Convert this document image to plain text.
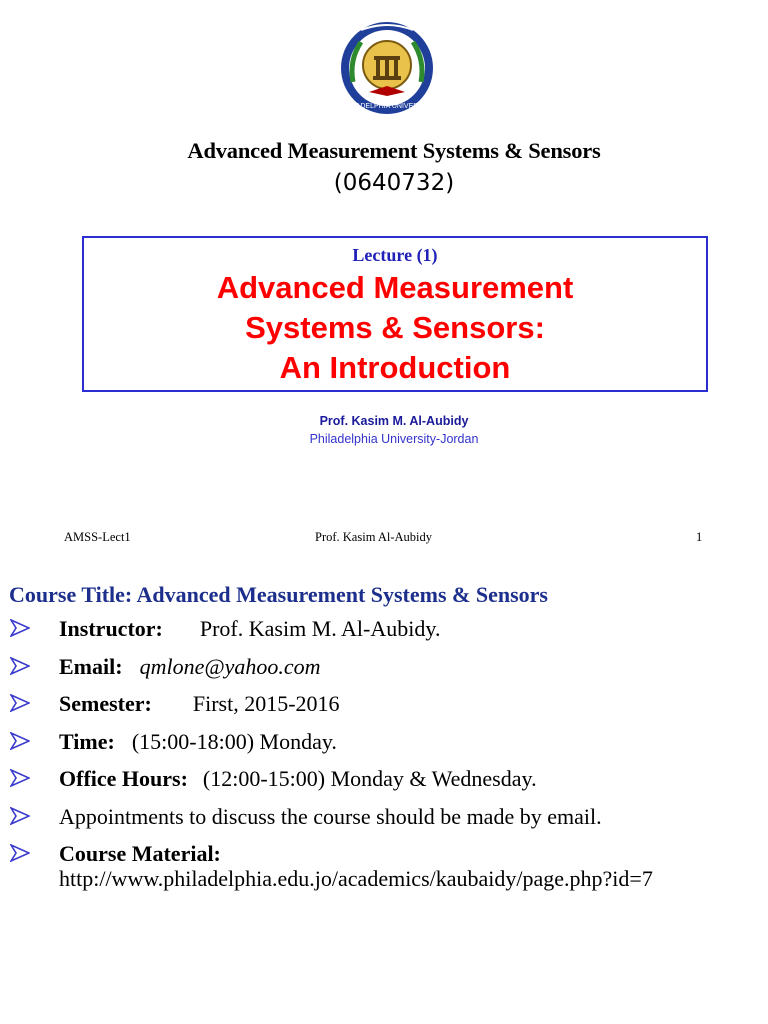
PHILADELPHIA UNIVERSITY
Advanced Measurement Systems & Sensors
(0640732)
Lecture (1)
Advanced Measurement
Systems & Sensors:
An Introduction
Prof. Kasim M. Al-Aubidy
Philadelphia University-Jordan
AMSS-Lect1	Prof. Kasim Al-Aubidy	1
Course Title: Advanced Measurement Systems & Sensors
Instructor: Prof. Kasim M. Al-Aubidy.
Email: qmlone@yahoo.com
Semester: First, 2015-2016
Time: (15:00-18:00) Monday.
Office Hours: (12:00-15:00) Monday & Wednesday.
Appointments to discuss the course should be made by email.
Course Material:
http://www.philadelphia.edu.jo/academics/kaubaidy/page.php?id=7
